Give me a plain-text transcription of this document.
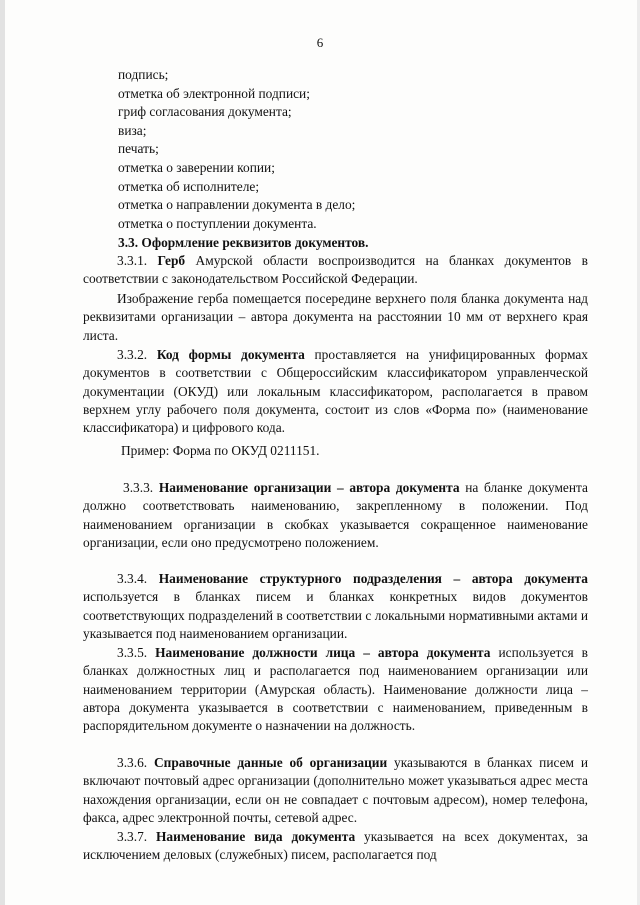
6
подпись;
отметка об электронной подписи;
гриф согласования документа;
виза;
печать;
отметка о заверении копии;
отметка об исполнителе;
отметка о направлении документа в дело;
отметка о поступлении документа.
3.3. Оформление реквизитов документов.
3.3.1. Герб Амурской области воспроизводится на бланках документов в соответствии с законодательством Российской Федерации.
Изображение герба помещается посередине верхнего поля бланка документа над реквизитами организации – автора документа на расстоянии 10 мм от верхнего края листа.
3.3.2. Код формы документа проставляется на унифицированных формах документов в соответствии с Общероссийским классификатором управленческой документации (ОКУД) или локальным классификатором, располагается в правом верхнем углу рабочего поля документа, состоит из слов «Форма по» (наименование классификатора) и цифрового кода.
Пример: Форма по ОКУД 0211151.
3.3.3. Наименование организации – автора документа на бланке документа должно соответствовать наименованию, закрепленному в положении. Под наименованием организации в скобках указывается сокращенное наименование организации, если оно предусмотрено положением.
3.3.4. Наименование структурного подразделения – автора документа используется в бланках писем и бланках конкретных видов документов соответствующих подразделений в соответствии с локальными нормативными актами и указывается под наименованием организации.
3.3.5. Наименование должности лица – автора документа используется в бланках должностных лиц и располагается под наименованием организации или наименованием территории (Амурская область). Наименование должности лица – автора документа указывается в соответствии с наименованием, приведенным в распорядительном документе о назначении на должность.
3.3.6. Справочные данные об организации указываются в бланках писем и включают почтовый адрес организации (дополнительно может указываться адрес места нахождения организации, если он не совпадает с почтовым адресом), номер телефона, факса, адрес электронной почты, сетевой адрес.
3.3.7. Наименование вида документа указывается на всех документах, за исключением деловых (служебных) писем, располагается под
